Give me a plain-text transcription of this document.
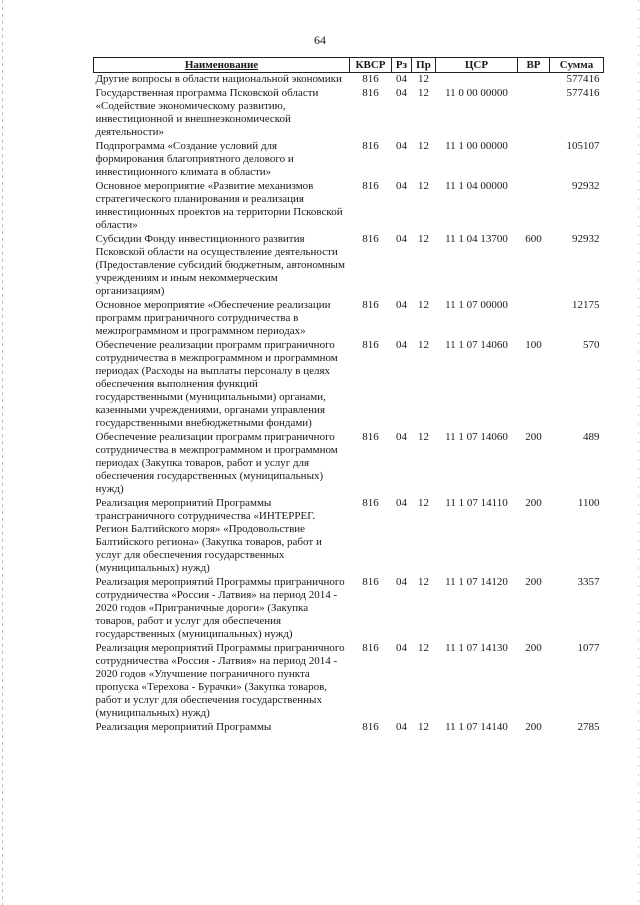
64
Наименование	КВСР	Рз	Пр	ЦСР	ВР	Сумма
Другие вопросы в области национальной экономики	816	04	12			577416
Государственная программа Псковской области «Содействие экономическому развитию, инвестиционной и внешнеэкономической деятельности»	816	04	12	11 0 00 00000		577416
Подпрограмма «Создание условий для формирования благоприятного делового и инвестиционного климата в области»	816	04	12	11 1 00 00000		105107
Основное мероприятие «Развитие механизмов стратегического планирования и реализация инвестиционных проектов на территории Псковской области»	816	04	12	11 1 04 00000		92932
Субсидии Фонду инвестиционного развития Псковской области на осуществление деятельности (Предоставление субсидий бюджетным, автономным учреждениям и иным некоммерческим организациям)	816	04	12	11 1 04 13700	600	92932
Основное мероприятие «Обеспечение реализации программ приграничного сотрудничества в межпрограммном и программном периодах»	816	04	12	11 1 07 00000		12175
Обеспечение реализации программ приграничного сотрудничества в межпрограммном и программном периодах (Расходы на выплаты персоналу в целях обеспечения выполнения функций государственными (муниципальными) органами, казенными учреждениями, органами управления государственными внебюджетными фондами)	816	04	12	11 1 07 14060	100	570
Обеспечение реализации программ приграничного сотрудничества в межпрограммном и программном периодах (Закупка товаров, работ и услуг для обеспечения государственных (муниципальных) нужд)	816	04	12	11 1 07 14060	200	489
Реализация мероприятий Программы трансграничного сотрудничества «ИНТЕРРЕГ. Регион Балтийского моря» «Продовольствие Балтийского региона» (Закупка товаров, работ и услуг для обеспечения государственных (муниципальных) нужд)	816	04	12	11 1 07 14110	200	1100
Реализация мероприятий Программы приграничного сотрудничества «Россия - Латвия» на период 2014 - 2020 годов «Приграничные дороги» (Закупка товаров, работ и услуг для обеспечения государственных (муниципальных) нужд)	816	04	12	11 1 07 14120	200	3357
Реализация мероприятий Программы приграничного сотрудничества «Россия - Латвия» на период 2014 - 2020 годов «Улучшение пограничного пункта пропуска «Терехова - Бурачки» (Закупка товаров, работ и услуг для обеспечения государственных (муниципальных) нужд)	816	04	12	11 1 07 14130	200	1077
Реализация мероприятий Программы	816	04	12	11 1 07 14140	200	2785
